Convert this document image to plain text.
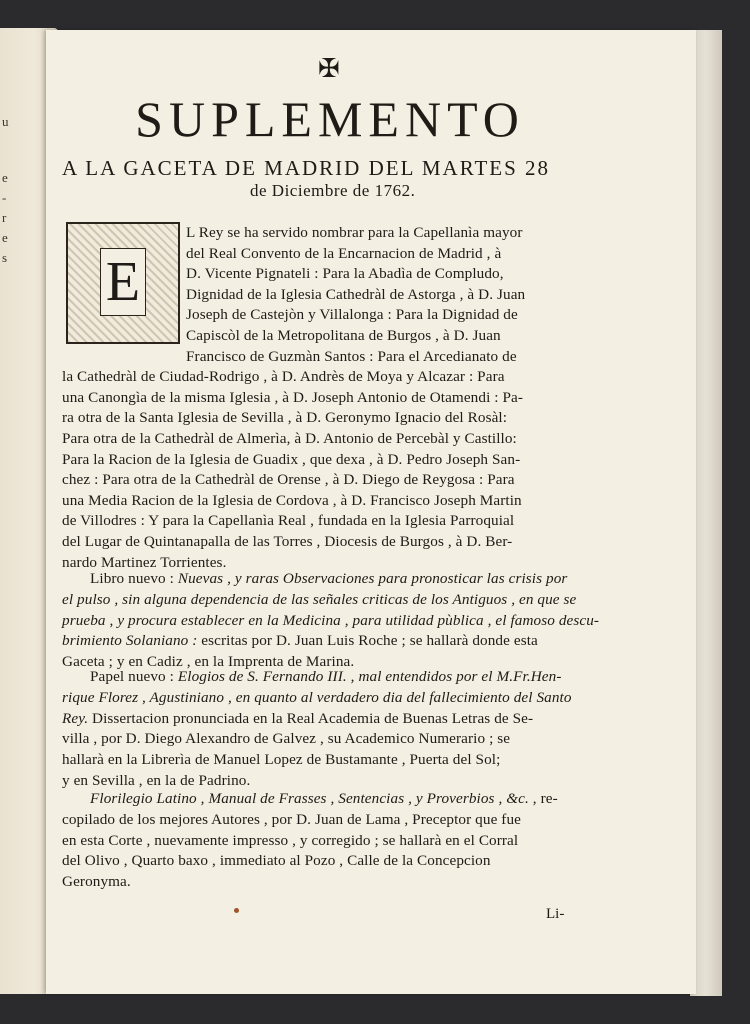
u
e
-
r
e
s
✠
SUPLEMENTO
A LA GACETA DE MADRID DEL MARTES 28
de Diciembre de 1762.
E
L Rey se ha servido nombrar para la Capellanìa mayor
del Real Convento de la Encarnacion de Madrid , à
D. Vicente Pignateli : Para la Abadìa de Compludo,
Dignidad de la Iglesia Cathedràl de Astorga , à D. Juan
Joseph de Castejòn y Villalonga : Para la Dignidad de
Capiscòl de la Metropolitana de Burgos , à D. Juan
Francisco de Guzmàn Santos : Para el Arcedianato de
la Cathedràl de Ciudad-Rodrigo , à D. Andrès de Moya y Alcazar : Para
una Canongìa de la misma Iglesia , à D. Joseph Antonio de Otamendi : Pa-
ra otra de la Santa Iglesia de Sevilla , à D. Geronymo Ignacio del Rosàl:
Para otra de la Cathedràl de Almerìa, à D. Antonio de Percebàl y Castillo:
Para la Racion de la Iglesia de Guadix , que dexa , à D. Pedro Joseph San-
chez : Para otra de la Cathedràl de Orense , à D. Diego de Reygosa : Para
una Media Racion de la Iglesia de Cordova , à D. Francisco Joseph Martin
de Villodres : Y para la Capellanìa Real , fundada en la Iglesia Parroquial
del Lugar de Quintanapalla de las Torres , Diocesis de Burgos , à D. Ber-
nardo Martinez Torrientes.
Libro nuevo : Nuevas , y raras Observaciones para pronosticar las crisis por
el pulso , sin alguna dependencia de las señales criticas de los Antiguos , en que se
prueba , y procura establecer en la Medicina , para utilidad pùblica , el famoso descu-
brimiento Solaniano : escritas por D. Juan Luis Roche ; se hallarà donde esta
Gaceta ; y en Cadiz , en la Imprenta de Marina.
Papel nuevo : Elogios de S. Fernando III. , mal entendidos por el M.Fr.Hen-
rique Florez , Agustiniano , en quanto al verdadero dia del fallecimiento del Santo
Rey. Dissertacion pronunciada en la Real Academia de Buenas Letras de Se-
villa , por D. Diego Alexandro de Galvez , su Academico Numerario ; se
hallarà en la Librerìa de Manuel Lopez de Bustamante , Puerta del Sol;
y en Sevilla , en la de Padrino.
Florilegio Latino , Manual de Frasses , Sentencias , y Proverbios , &c. , re-
copilado de los mejores Autores , por D. Juan de Lama , Preceptor que fue
en esta Corte , nuevamente impresso , y corregido ; se hallarà en el Corral
del Olivo , Quarto baxo , immediato al Pozo , Calle de la Concepcion
Geronyma.
Li-
